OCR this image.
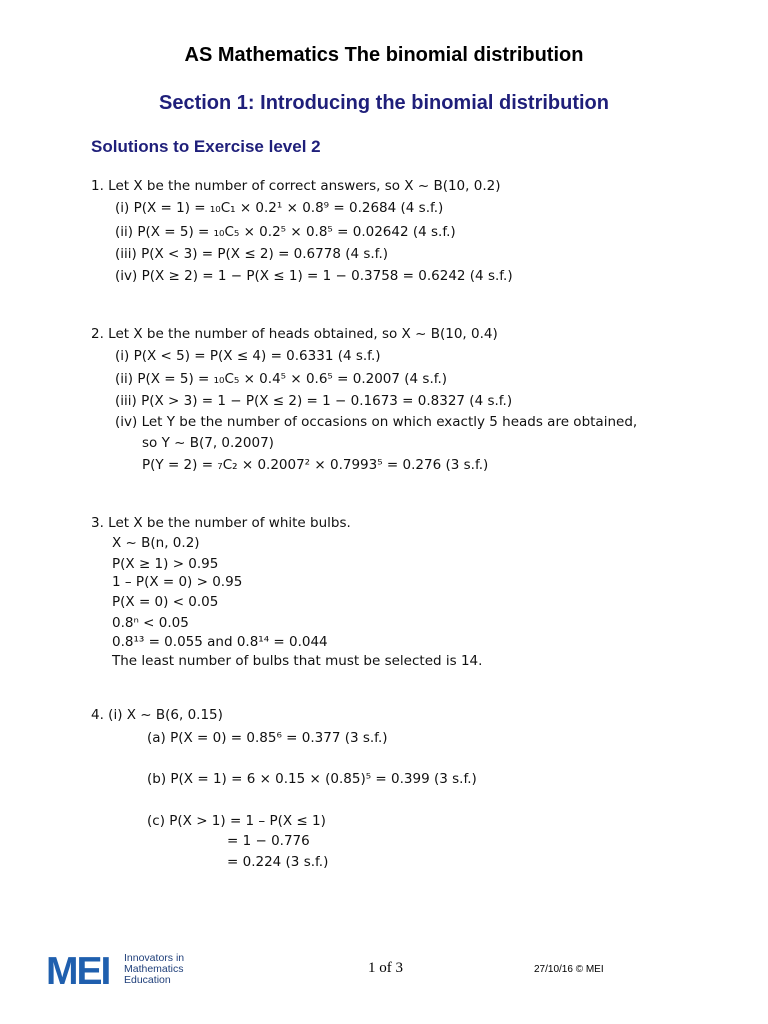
AS Mathematics The binomial distribution
Section 1: Introducing the binomial distribution
Solutions to Exercise level 2
1. Let X be the number of correct answers, so X ~ B(10, 0.2)
(i) P(X = 1) = ₁₀C₁ × 0.2¹ × 0.8⁹ = 0.2684 (4 s.f.)
(ii) P(X = 5) = ₁₀C₅ × 0.2⁵ × 0.8⁵ = 0.02642 (4 s.f.)
(iii) P(X < 3) = P(X ≤ 2) = 0.6778 (4 s.f.)
(iv) P(X ≥ 2) = 1 − P(X ≤ 1) = 1 − 0.3758 = 0.6242 (4 s.f.)
2. Let X be the number of heads obtained, so X ~ B(10, 0.4)
(i) P(X < 5) = P(X ≤ 4) = 0.6331 (4 s.f.)
(ii) P(X = 5) = ₁₀C₅ × 0.4⁵ × 0.6⁵ = 0.2007 (4 s.f.)
(iii) P(X > 3) = 1 − P(X ≤ 2) = 1 − 0.1673 = 0.8327 (4 s.f.)
(iv) Let Y be the number of occasions on which exactly 5 heads are obtained,
so Y ~ B(7, 0.2007)
P(Y = 2) = ₇C₂ × 0.2007² × 0.7993⁵ = 0.276 (3 s.f.)
3. Let X be the number of white bulbs.
X ~ B(n, 0.2)
P(X ≥ 1) > 0.95
1 – P(X = 0) > 0.95
P(X = 0) < 0.05
0.8ⁿ < 0.05
0.8¹³ = 0.055 and 0.8¹⁴ = 0.044
The least number of bulbs that must be selected is 14.
4. (i) X ~ B(6, 0.15)
(a) P(X = 0) = 0.85⁶ = 0.377 (3 s.f.)
(b) P(X = 1) = 6 × 0.15 × (0.85)⁵ = 0.399 (3 s.f.)
(c) P(X > 1) = 1 – P(X ≤ 1)
= 1 − 0.776
= 0.224 (3 s.f.)
MEI Innovators in
Mathematics
Education
1 of 3	27/10/16 © MEI
